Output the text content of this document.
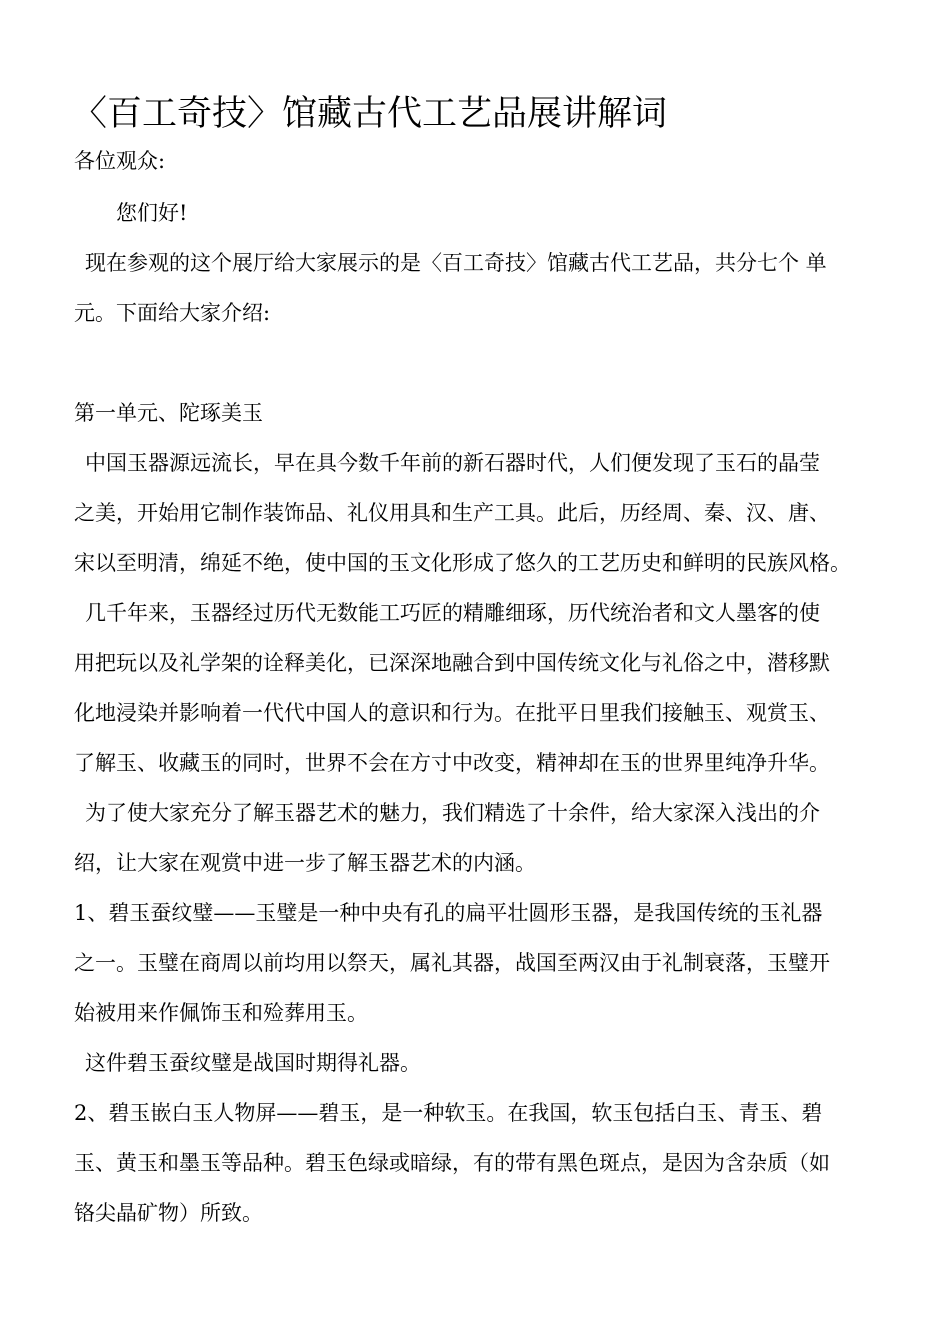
〈百工奇技〉馆藏古代工艺品展讲解词

各位观众:

您们好!

现在参观的这个展厅给大家展示的是〈百工奇技〉馆藏古代工艺品，共分七个 单

元。下面给大家介绍:

第一单元、陀琢美玉

中国玉器源远流长，早在具今数千年前的新石器时代，人们便发现了玉石的晶莹

之美，开始用它制作装饰品、礼仪用具和生产工具。此后，历经周、秦、汉、唐、

宋以至明清，绵延不绝，使中国的玉文化形成了悠久的工艺历史和鲜明的民族风格。

几千年来，玉器经过历代无数能工巧匠的精雕细琢，历代统治者和文人墨客的使

用把玩以及礼学架的诠释美化，已深深地融合到中国传统文化与礼俗之中，潜移默

化地浸染并影响着一代代中国人的意识和行为。在批平日里我们接触玉、观赏玉、

了解玉、收藏玉的同时，世界不会在方寸中改变，精神却在玉的世界里纯净升华。

为了使大家充分了解玉器艺术的魅力，我们精选了十余件，给大家深入浅出的介

绍，让大家在观赏中进一步了解玉器艺术的内涵。

1、碧玉蚕纹璧——玉璧是一种中央有孔的扁平壮圆形玉器，是我国传统的玉礼器

之一。玉璧在商周以前均用以祭天，属礼其器，战国至两汉由于礼制衰落，玉璧开

始被用来作佩饰玉和殓葬用玉。

这件碧玉蚕纹璧是战国时期得礼器。

2、碧玉嵌白玉人物屏——碧玉，是一种软玉。在我国，软玉包括白玉、青玉、碧

玉、黄玉和墨玉等品种。碧玉色绿或暗绿，有的带有黑色斑点，是因为含杂质（如

铬尖晶矿物）所致。
